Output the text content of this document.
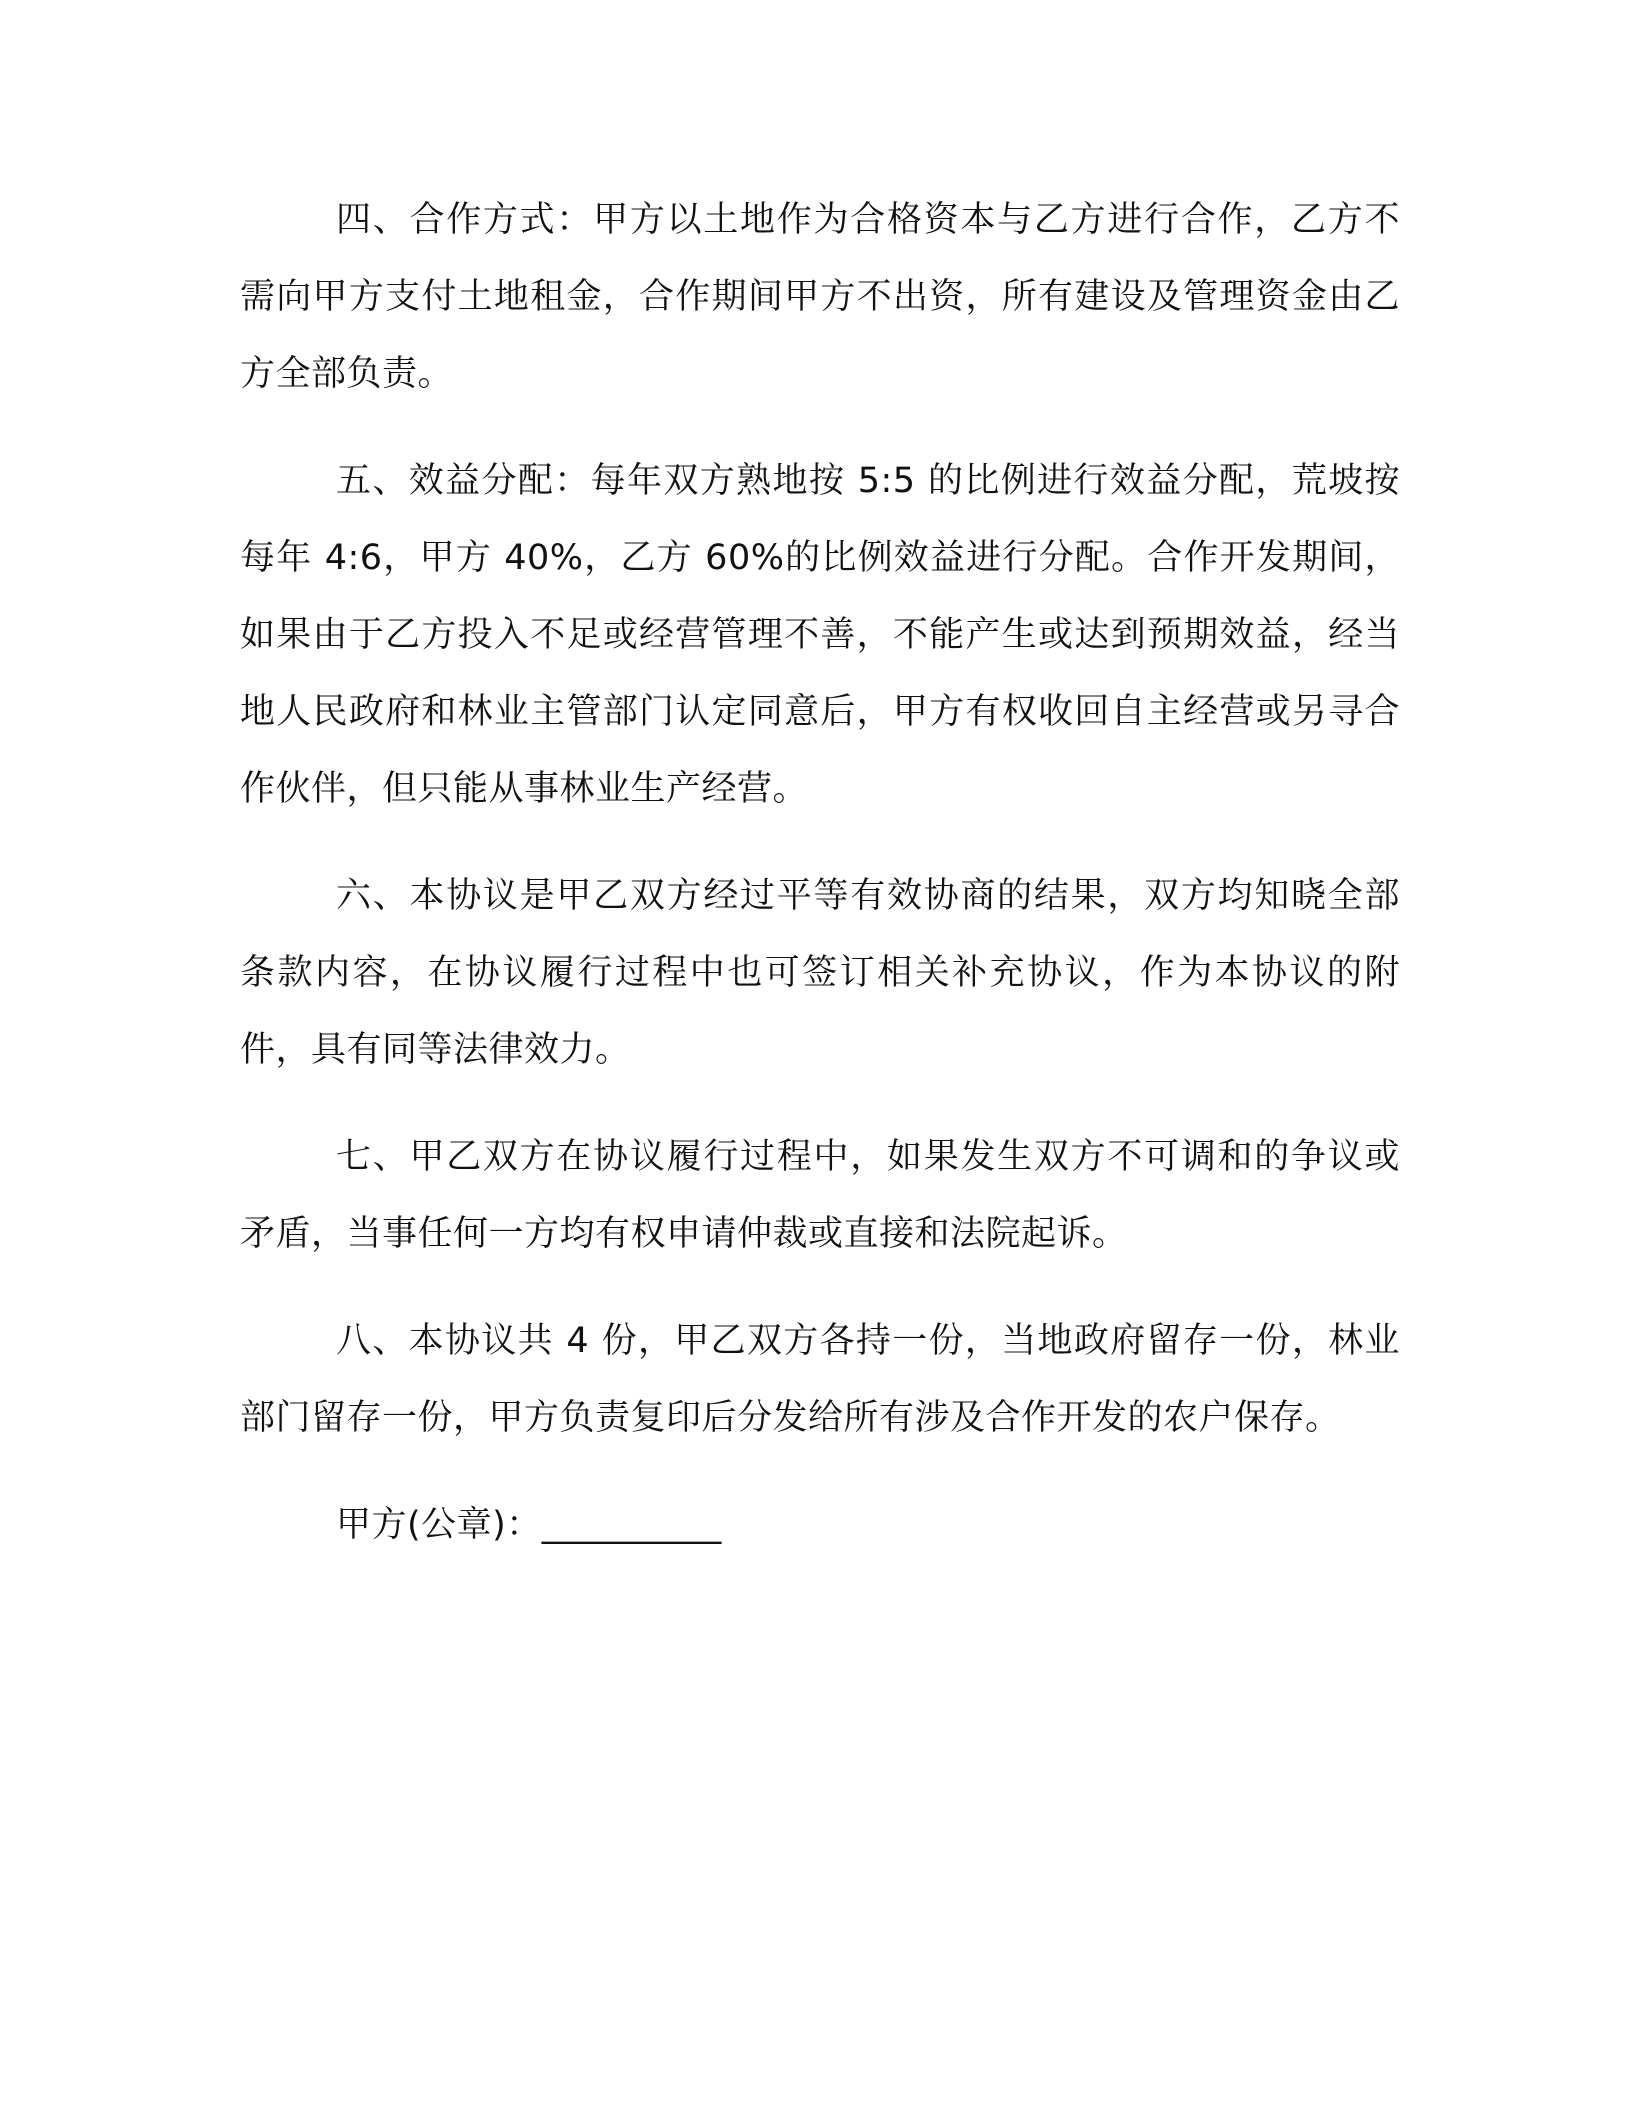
四、合作方式：甲方以土地作为合格资本与乙方进行合作，乙方不需向甲方支付土地租金，合作期间甲方不出资，所有建设及管理资金由乙方全部负责。

五、效益分配：每年双方熟地按 5:5 的比例进行效益分配，荒坡按每年 4:6，甲方 40%，乙方 60%的比例效益进行分配。合作开发期间，如果由于乙方投入不足或经营管理不善，不能产生或达到预期效益，经当地人民政府和林业主管部门认定同意后，甲方有权收回自主经营或另寻合作伙伴，但只能从事林业生产经营。

六、本协议是甲乙双方经过平等有效协商的结果，双方均知晓全部条款内容，在协议履行过程中也可签订相关补充协议，作为本协议的附件，具有同等法律效力。

七、甲乙双方在协议履行过程中，如果发生双方不可调和的争议或矛盾，当事任何一方均有权申请仲裁或直接和法院起诉。

八、本协议共 4 份，甲乙双方各持一份，当地政府留存一份，林业部门留存一份，甲方负责复印后分发给所有涉及合作开发的农户保存。

甲方(公章)：__________
